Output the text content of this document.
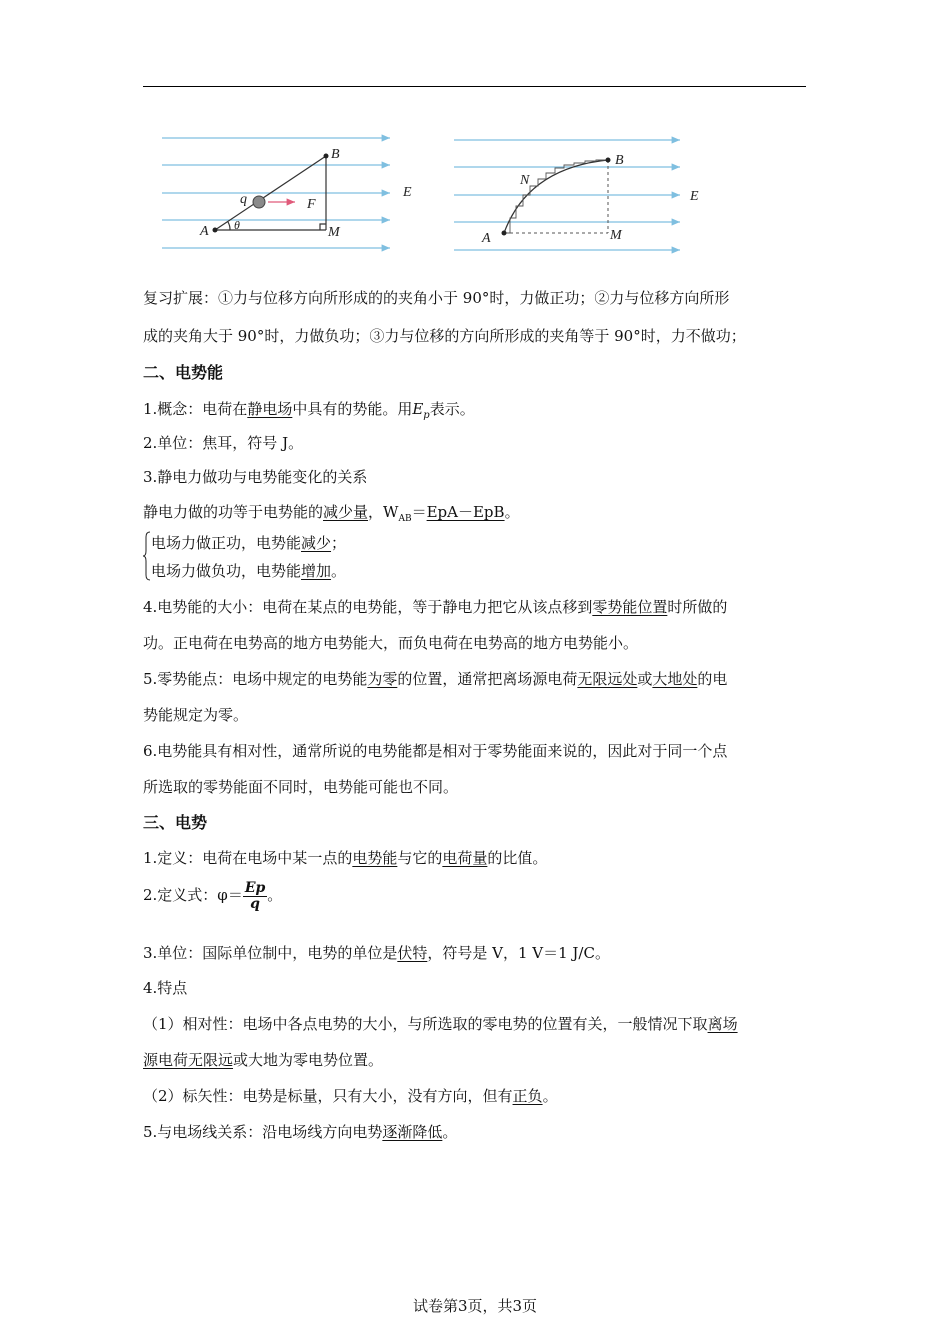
B
q	F
A θ	M
E
N
B
E
A	M
复习扩展：①力与位移方向所形成的的夹角小于 90°时，力做正功；②力与位移方向所形
成的夹角大于 90°时，力做负功；③力与位移的方向所形成的夹角等于 90°时，力不做功；
二、电势能
1.概念：电荷在静电场中具有的势能。用$E_p$表示。
2.单位：焦耳，符号 J。
3.静电力做功与电势能变化的关系
静电力做的功等于电势能的减少量，$W_{AB}=EpA-EpB$。
电场力做正功，电势能减少；
电场力做负功，电势能增加。
4.电势能的大小：电荷在某点的电势能，等于静电力把它从该点移到零势能位置时所做的
功。正电荷在电势高的地方电势能大，而负电荷在电势高的地方电势能小。
5.零势能点：电场中规定的电势能为零的位置，通常把离场源电荷无限远处或大地处的电
势能规定为零。
6.电势能具有相对性，通常所说的电势能都是相对于零势能面来说的，因此对于同一个点
所选取的零势能面不同时，电势能可能也不同。
三、电势
1.定义：电荷在电场中某一点的电势能与它的电荷量的比值。
2.定义式：$\varphi= \frac{Ep}{q}$ 。
3.单位：国际单位制中，电势的单位是伏特，符号是 V，1 V＝1 J/C。
4.特点
（1）相对性：电场中各点电势的大小，与所选取的零电势的位置有关，一般情况下取离场
源电荷无限远或大地为零电势位置。
（2）标矢性：电势是标量，只有大小，没有方向，但有正负。
5.与电场线关系：沿电场线方向电势逐渐降低。
试卷第3页，共3页
